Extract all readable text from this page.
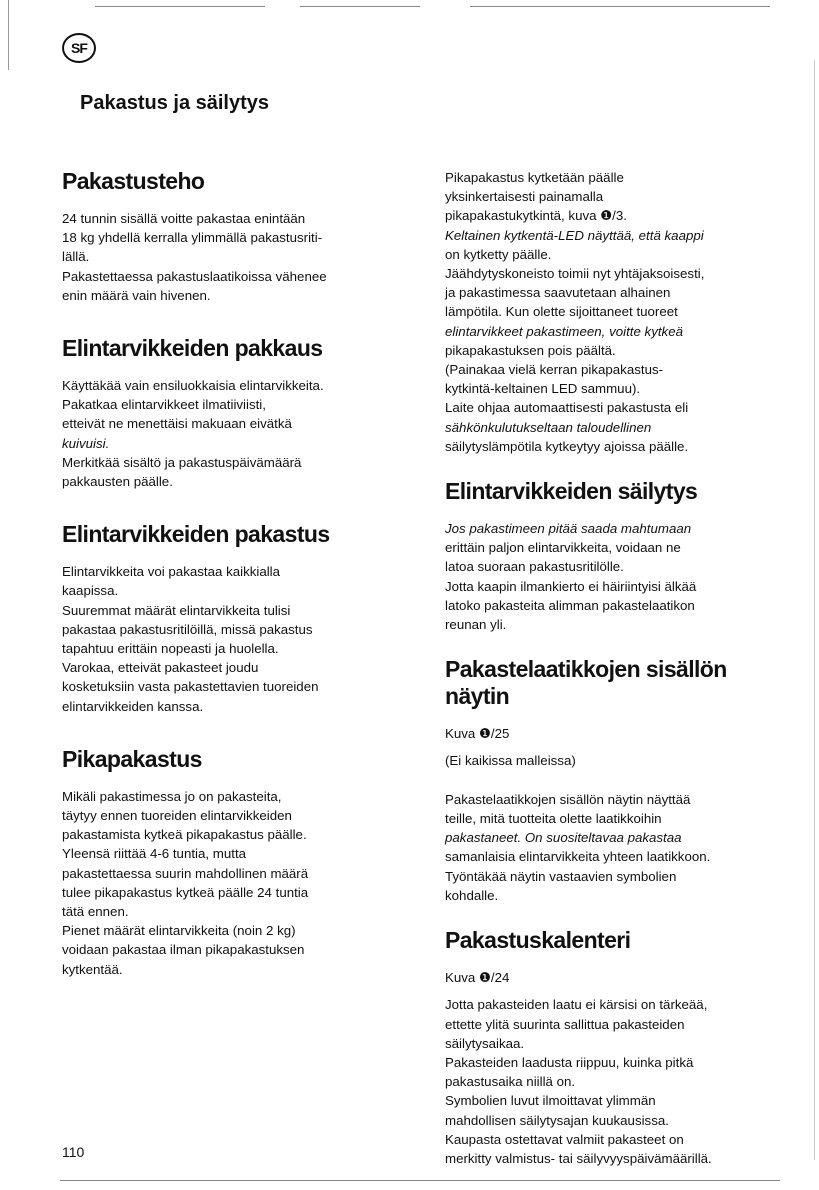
SF
Pakastus ja säilytys
Pakastusteho

24 tunnin sisällä voitte pakastaa enintään

18 kg yhdellä kerralla ylimmällä pakastusriti-

lällä.

Pakastettaessa pakastuslaatikoissa vähenee

enin määrä vain hivenen.

Elintarvikkeiden pakkaus

Käyttäkää vain ensiluokkaisia elintarvikkeita.

Pakatkaa elintarvikkeet ilmatiiviisti,

etteivät ne menettäisi makuaan eivätkä

kuivuisi.

Merkitkää sisältö ja pakastuspäivämäärä

pakkausten päälle.

Elintarvikkeiden pakastus

Elintarvikkeita voi pakastaa kaikkialla

kaapissa.

Suuremmat määrät elintarvikkeita tulisi

pakastaa pakastusritilöillä, missä pakastus

tapahtuu erittäin nopeasti ja huolella.

Varokaa, etteivät pakasteet joudu

kosketuksiin vasta pakastettavien tuoreiden

elintarvikkeiden kanssa.

Pikapakastus

Mikäli pakastimessa jo on pakasteita,

täytyy ennen tuoreiden elintarvikkeiden

pakastamista kytkeä pikapakastus päälle.

Yleensä riittää 4-6 tuntia, mutta

pakastettaessa suurin mahdollinen määrä

tulee pikapakastus kytkeä päälle 24 tuntia

tätä ennen.

Pienet määrät elintarvikkeita (noin 2 kg)

voidaan pakastaa ilman pikapakastuksen

kytkentää.

Pikapakastus kytketään päälle

yksinkertaisesti painamalla

pikapakastukytkintä, kuva ❶/3.

Keltainen kytkentä-LED näyttää, että kaappi

on kytketty päälle.

Jäähdytyskoneisto toimii nyt yhtäjaksoisesti,

ja pakastimessa saavutetaan alhainen

lämpötila. Kun olette sijoittaneet tuoreet

elintarvikkeet pakastimeen, voitte kytkeä

pikapakastuksen pois päältä.

(Painakaa vielä kerran pikapakastus-

kytkintä-keltainen LED sammuu).

Laite ohjaa automaattisesti pakastusta eli

sähkönkulutukseltaan taloudellinen

säilytyslämpötila kytkeytyy ajoissa päälle.

Elintarvikkeiden säilytys

Jos pakastimeen pitää saada mahtumaan

erittäin paljon elintarvikkeita, voidaan ne

latoa suoraan pakastusritilölle.

Jotta kaapin ilmankierto ei häiriintyisi älkää

latoko pakasteita alimman pakastelaatikon

reunan yli.

Pakastelaatikkojen sisällön näytin

Kuva ❶/25

(Ei kaikissa malleissa)

Pakastelaatikkojen sisällön näytin näyttää

teille, mitä tuotteita olette laatikkoihin

pakastaneet. On suositeltavaa pakastaa

samanlaisia elintarvikkeita yhteen laatikkoon.

Työntäkää näytin vastaavien symbolien

kohdalle.

Pakastuskalenteri

Kuva ❶/24

Jotta pakasteiden laatu ei kärsisi on tärkeää,

ettette ylitä suurinta sallittua pakasteiden

säilytysaikaa.

Pakasteiden laadusta riippuu, kuinka pitkä

pakastusaika niillä on.

Symbolien luvut ilmoittavat ylimmän

mahdollisen säilytysajan kuukausissa.

Kaupasta ostettavat valmiit pakasteet on

merkitty valmistus- tai säilyvyyspäivämäärillä.

110
